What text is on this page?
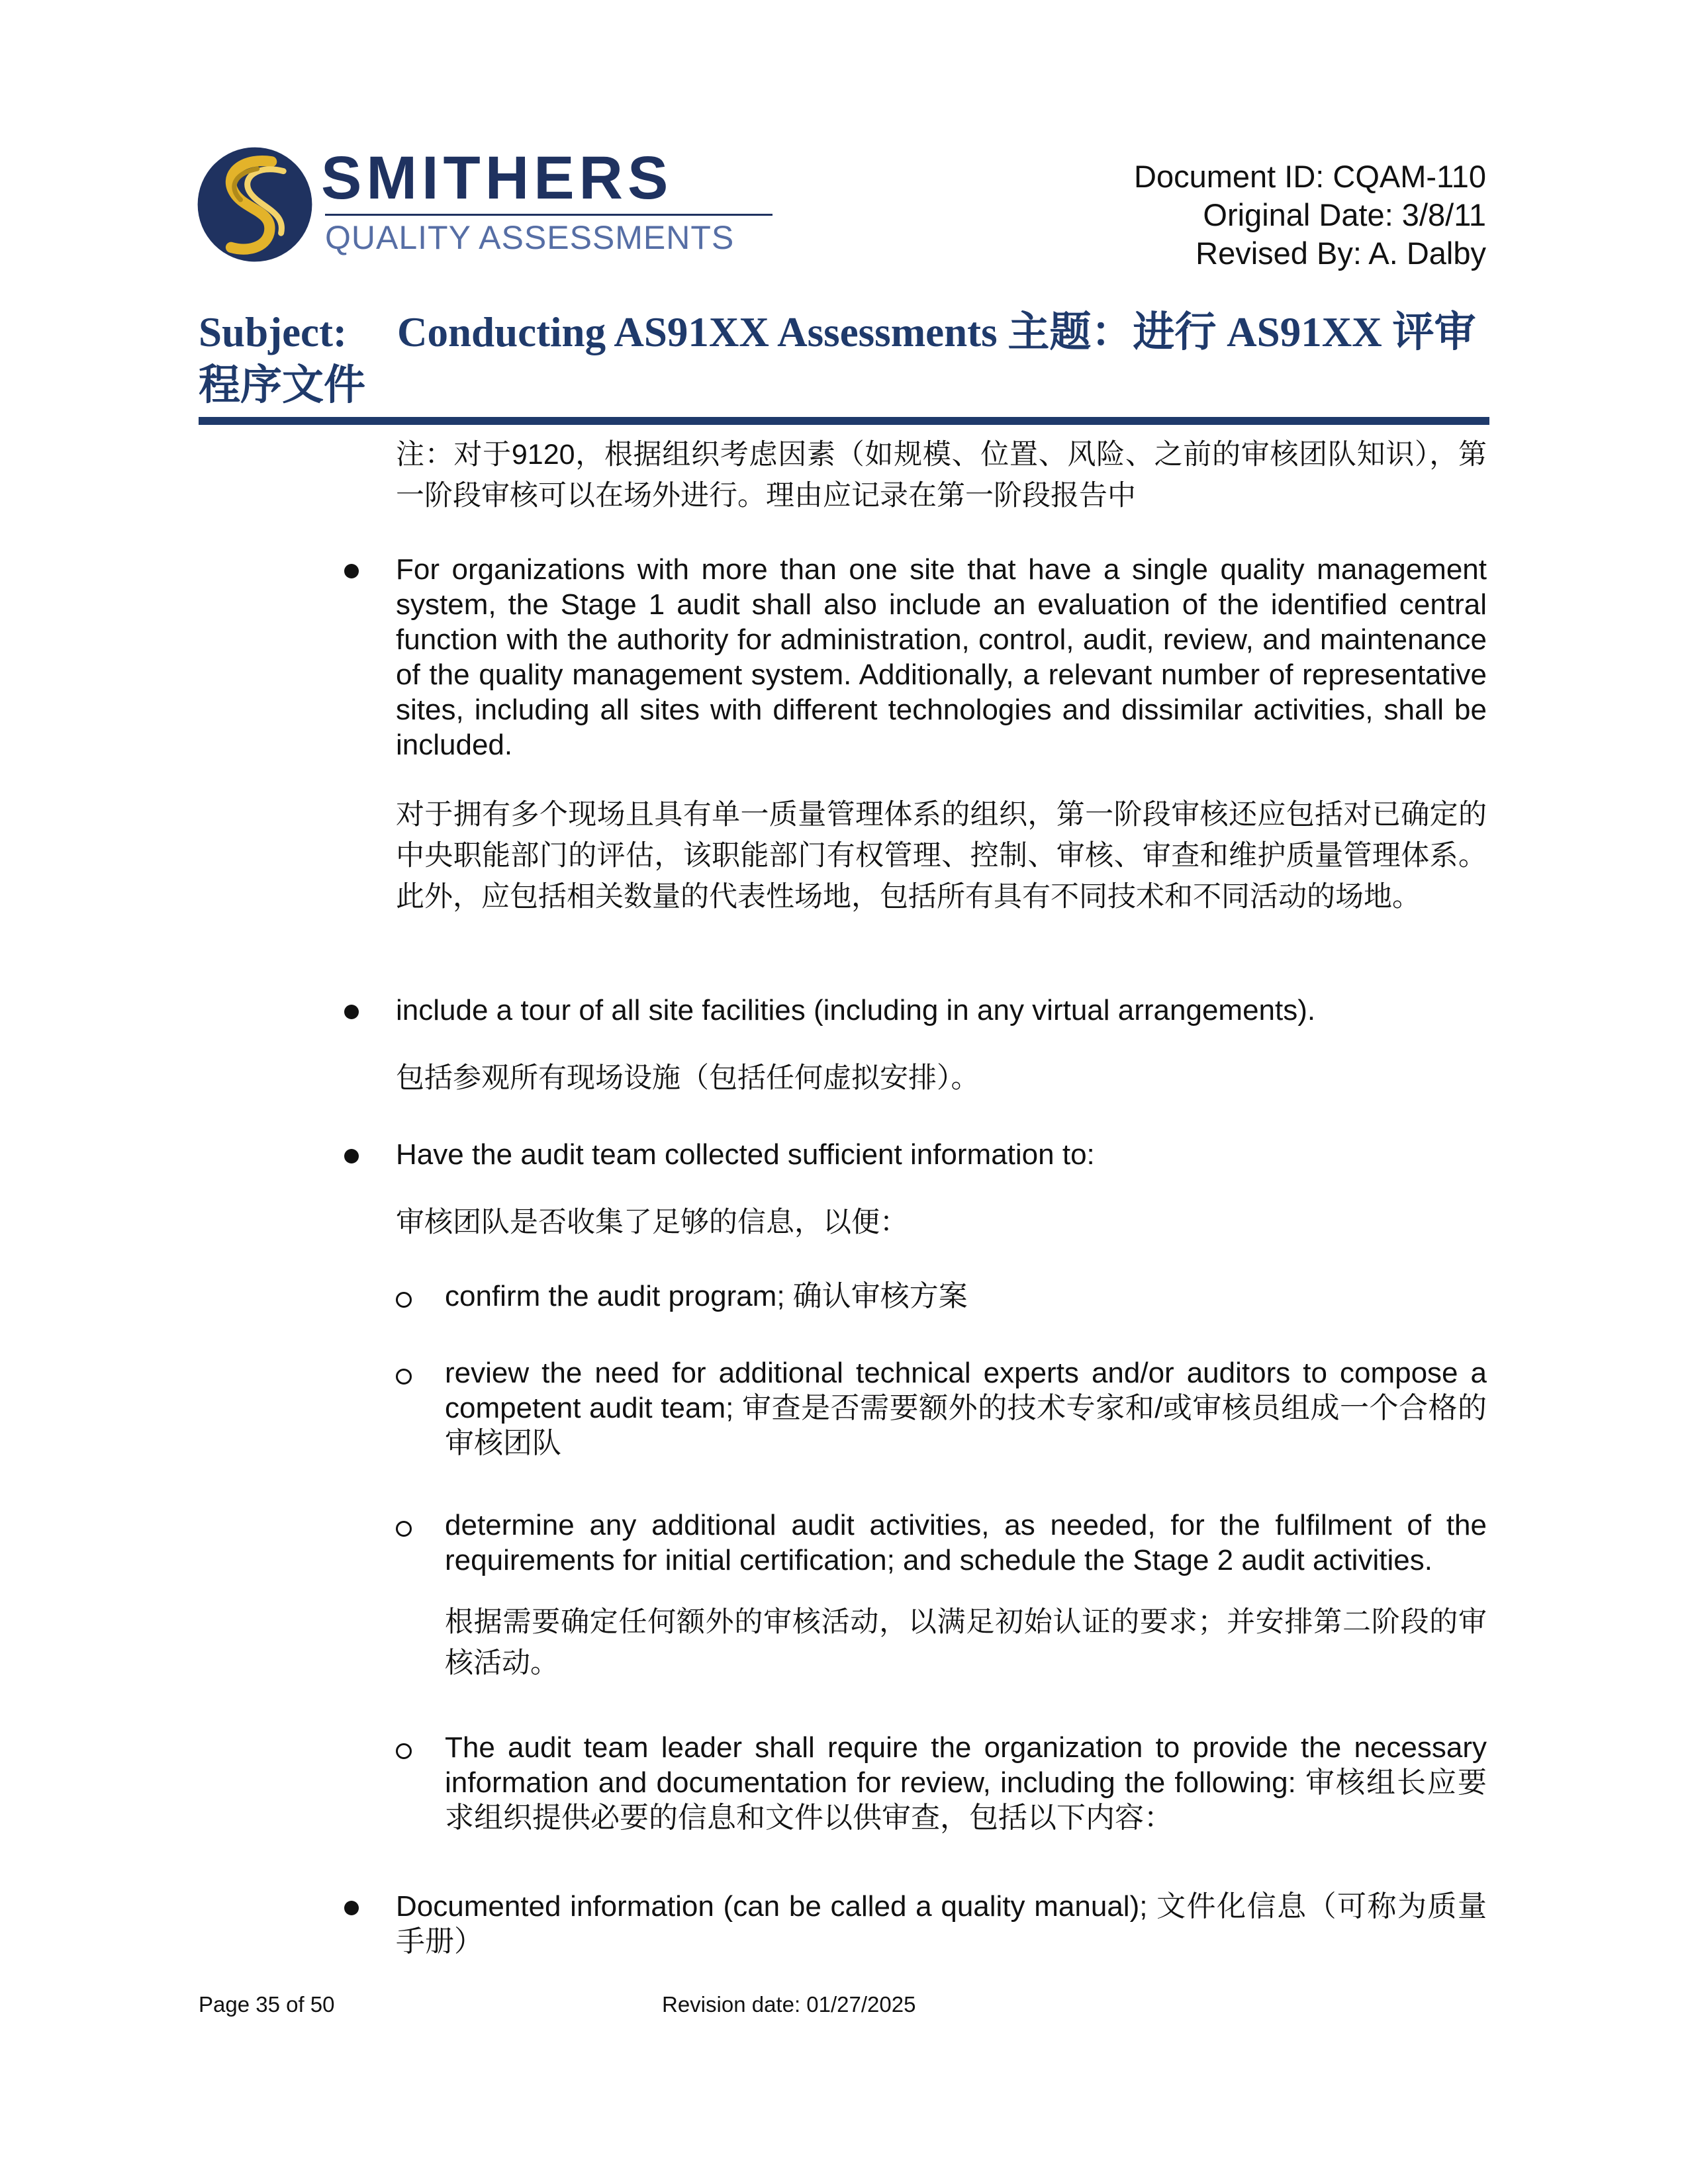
SMITHERS
QUALITY ASSESSMENTS
Document ID: CQAM-110
Original Date: 3/8/11
Revised By: A. Dalby
Subject: Conducting AS91XX Assessments 主题：进行 AS91XX 评审程序文件
注：对于9120，根据组织考虑因素（如规模、位置、风险、之前的审核团队知识），第一阶段审核可以在场外进行。理由应记录在第一阶段报告中
For organizations with more than one site that have a single quality management system, the Stage 1 audit shall also include an evaluation of the identified central function with the authority for administration, control, audit, review, and maintenance of the quality management system. Additionally, a relevant number of representative sites, including all sites with different technologies and dissimilar activities, shall be included.
对于拥有多个现场且具有单一质量管理体系的组织，第一阶段审核还应包括对已确定的中央职能部门的评估，该职能部门有权管理、控制、审核、审查和维护质量管理体系。此外，应包括相关数量的代表性场地，包括所有具有不同技术和不同活动的场地。
include a tour of all site facilities (including in any virtual arrangements).
包括参观所有现场设施（包括任何虚拟安排）。
Have the audit team collected sufficient information to:
审核团队是否收集了足够的信息，以便：
confirm the audit program; 确认审核方案
review the need for additional technical experts and/or auditors to compose a competent audit team; 审查是否需要额外的技术专家和/或审核员组成一个合格的审核团队
determine any additional audit activities, as needed, for the fulfilment of the requirements for initial certification; and schedule the Stage 2 audit activities.
根据需要确定任何额外的审核活动，以满足初始认证的要求；并安排第二阶段的审核活动。
The audit team leader shall require the organization to provide the necessary information and documentation for review, including the following: 审核组长应要求组织提供必要的信息和文件以供审查，包括以下内容：
Documented information (can be called a quality manual); 文件化信息（可称为质量手册）
Page 35 of 50	Revision date: 01/27/2025
